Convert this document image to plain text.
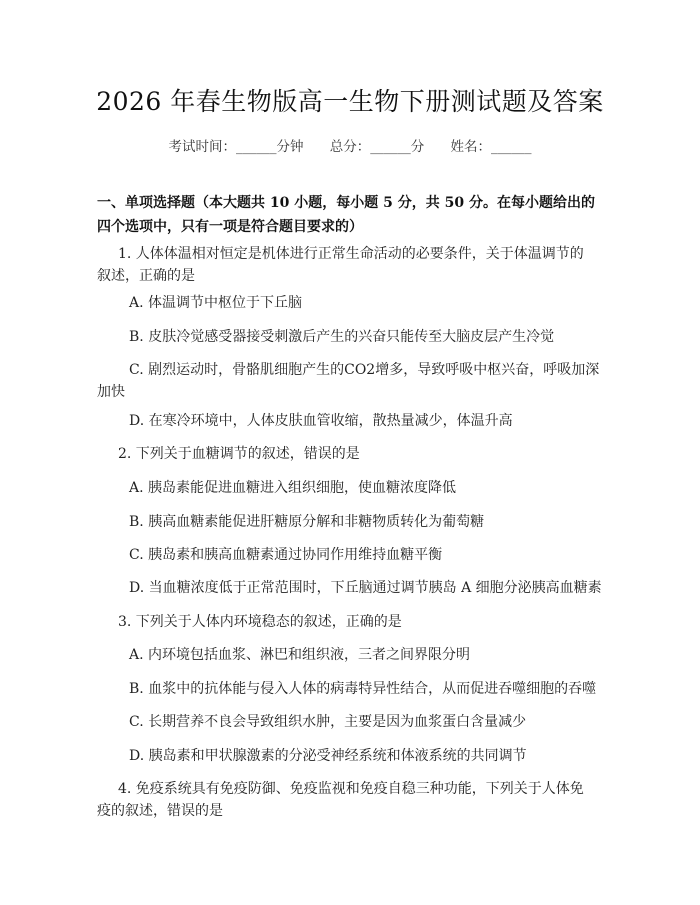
2026 年春生物版高一生物下册测试题及答案
考试时间：______分钟 总分：______分 姓名：______
一、单项选择题（本大题共 10 小题，每小题 5 分，共 50 分。在每小题给出的四个选项中，只有一项是符合题目要求的）
1. 人体体温相对恒定是机体进行正常生命活动的必要条件，关于体温调节的
叙述，正确的是
A. 体温调节中枢位于下丘脑
B. 皮肤冷觉感受器接受刺激后产生的兴奋只能传至大脑皮层产生冷觉
C. 剧烈运动时，骨骼肌细胞产生的CO2增多，导致呼吸中枢兴奋，呼吸加深
加快
D. 在寒冷环境中，人体皮肤血管收缩，散热量减少，体温升高
2. 下列关于血糖调节的叙述，错误的是
A. 胰岛素能促进血糖进入组织细胞，使血糖浓度降低
B. 胰高血糖素能促进肝糖原分解和非糖物质转化为葡萄糖
C. 胰岛素和胰高血糖素通过协同作用维持血糖平衡
D. 当血糖浓度低于正常范围时，下丘脑通过调节胰岛 A 细胞分泌胰高血糖素
3. 下列关于人体内环境稳态的叙述，正确的是
A. 内环境包括血浆、淋巴和组织液，三者之间界限分明
B. 血浆中的抗体能与侵入人体的病毒特异性结合，从而促进吞噬细胞的吞噬
C. 长期营养不良会导致组织水肿，主要是因为血浆蛋白含量减少
D. 胰岛素和甲状腺激素的分泌受神经系统和体液系统的共同调节
4. 免疫系统具有免疫防御、免疫监视和免疫自稳三种功能，下列关于人体免
疫的叙述，错误的是
